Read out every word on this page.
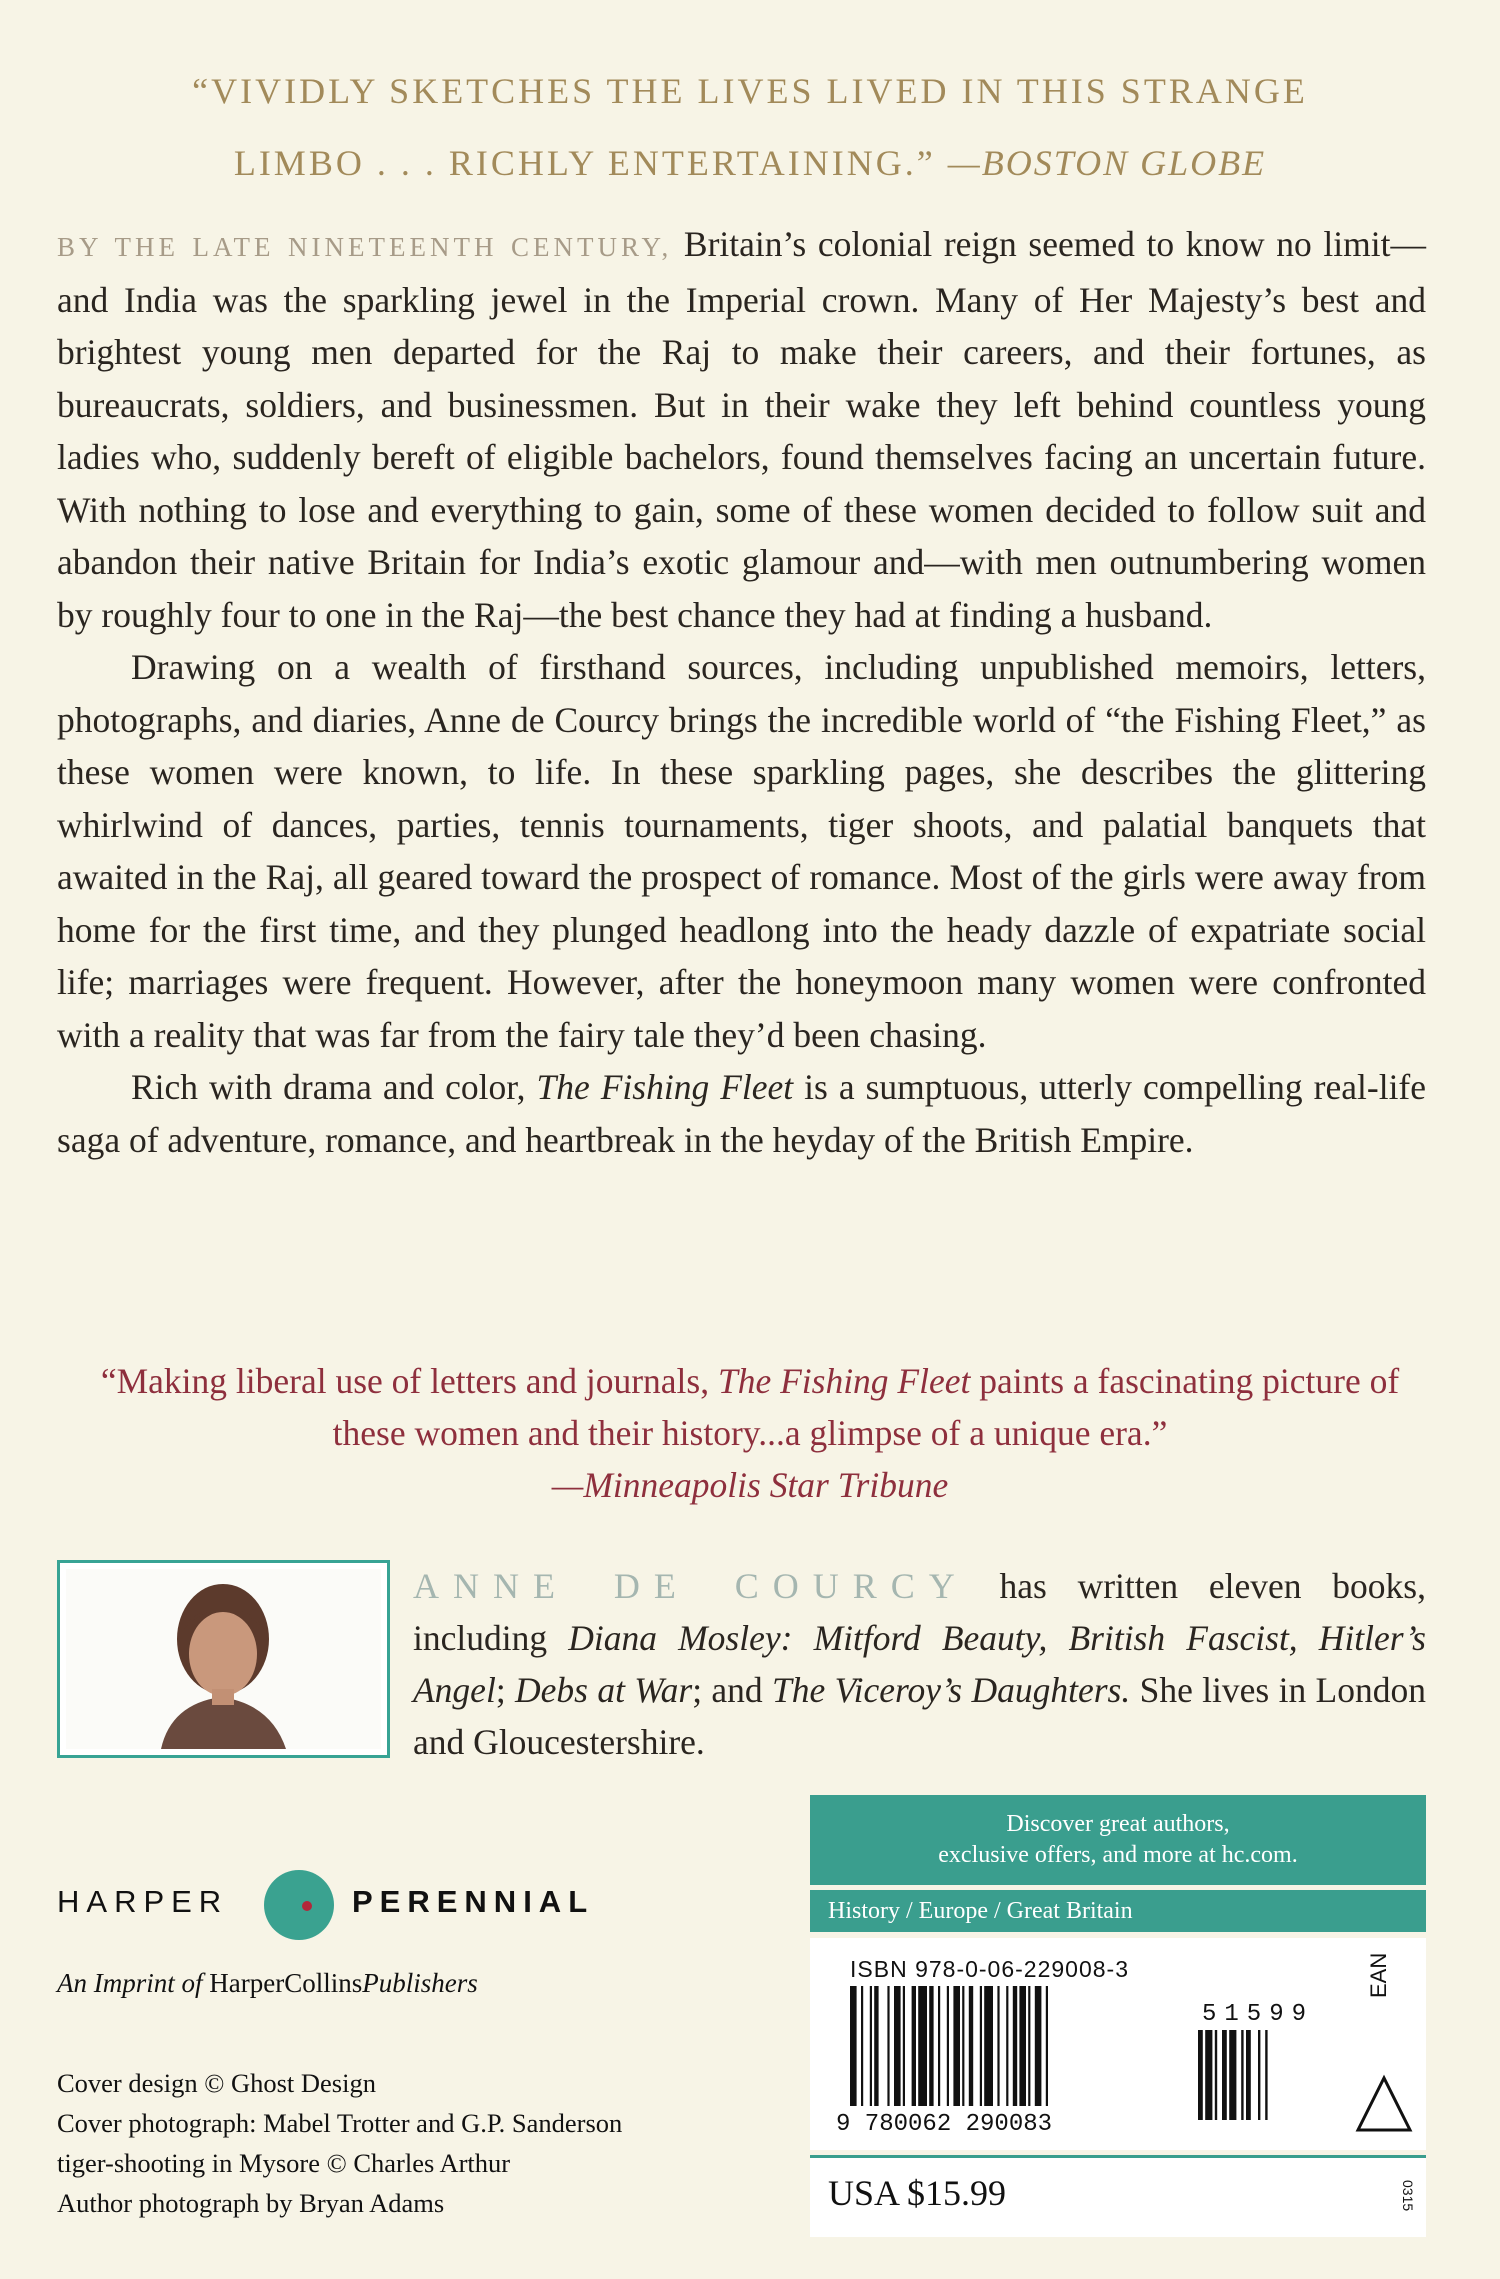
“VIVIDLY SKETCHES THE LIVES LIVED IN THIS STRANGE
LIMBO . . . RICHLY ENTERTAINING.” —BOSTON GLOBE

BY THE LATE NINETEENTH CENTURY, Britain’s colonial reign seemed to know no limit—and India was the sparkling jewel in the Imperial crown. Many of Her Majesty’s best and brightest young men departed for the Raj to make their careers, and their fortunes, as bureaucrats, soldiers, and businessmen. But in their wake they left behind countless young ladies who, suddenly bereft of eligible bachelors, found themselves facing an uncertain future. With nothing to lose and everything to gain, some of these women decided to follow suit and abandon their native Britain for India’s exotic glamour and—with men outnumbering women by roughly four to one in the Raj—the best chance they had at finding a husband.

Drawing on a wealth of firsthand sources, including unpublished memoirs, letters, photographs, and diaries, Anne de Courcy brings the incredible world of “the Fishing Fleet,” as these women were known, to life. In these sparkling pages, she describes the glittering whirlwind of dances, parties, tennis tournaments, tiger shoots, and palatial banquets that awaited in the Raj, all geared toward the prospect of romance. Most of the girls were away from home for the first time, and they plunged headlong into the heady dazzle of expatriate social life; marriages were frequent. However, after the honeymoon many women were confronted with a reality that was far from the fairy tale they’d been chasing.

Rich with drama and color, The Fishing Fleet is a sumptuous, utterly compelling real-life saga of adventure, romance, and heartbreak in the heyday of the British Empire.

“Making liberal use of letters and journals, The Fishing Fleet paints a fascinating picture of these women and their history...a glimpse of a unique era.”
—Minneapolis Star Tribune
ANNE DE COURCY has written eleven books, including Diana Mosley: Mitford Beauty, British Fascist, Hitler’s Angel; Debs at War; and The Viceroy’s Daughters. She lives in London and Gloucestershire.
HARPER	PERENNIAL
An Imprint of HarperCollinsPublishers
Cover design © Ghost Design
Cover photograph: Mabel Trotter and G.P. Sanderson
tiger-shooting in Mysore © Charles Arthur
Author photograph by Bryan Adams
Discover great authors,
exclusive offers, and more at hc.com.
History / Europe / Great Britain
ISBN 978-0-06-229008-3
9 780062 290083
51599
EAN
USA $15.99	0315
